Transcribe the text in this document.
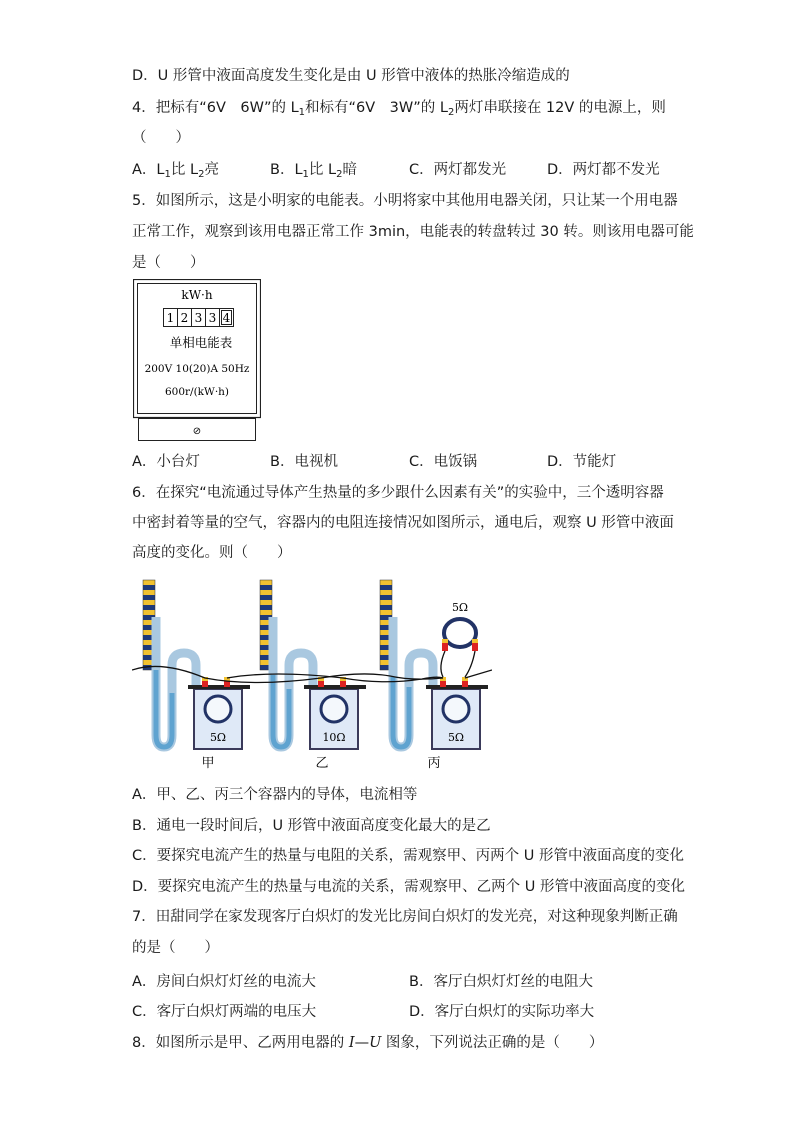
D．U 形管中液面高度发生变化是由 U 形管中液体的热胀冷缩造成的
4．把标有“6V　6W”的 $L_1$和标有“6V　3W”的 $L_2$两灯串联接在 12V 的电源上，则
（　　）
A．$L_1$比 $L_2$亮	B．$L_1$比 $L_2$暗	C．两灯都发光	D．两灯都不发光
5．如图所示，这是小明家的电能表。小明将家中其他用电器关闭，只让某一个用电器
正常工作，观察到该用电器正常工作 3min，电能表的转盘转过 30 转。则该用电器可能
是（　　）
kW·h
1 2 3 3 4
单相电能表
200V 10(20)A 50Hz
600r/(kW·h)
⊘
A．小台灯	B．电视机	C．电饭锅	D．节能灯
6．在探究“电流通过导体产生热量的多少跟什么因素有关”的实验中，三个透明容器
中密封着等量的空气，容器内的电阻连接情况如图所示，通电后，观察 U 形管中液面
高度的变化。则（　　）
5Ω
甲
10Ω
乙
5Ω
丙
5Ω
A．甲、乙、丙三个容器内的导体，电流相等
B．通电一段时间后，U 形管中液面高度变化最大的是乙
C．要探究电流产生的热量与电阻的关系，需观察甲、丙两个 U 形管中液面高度的变化
D．要探究电流产生的热量与电流的关系，需观察甲、乙两个 U 形管中液面高度的变化
7．田甜同学在家发现客厅白炽灯的发光比房间白炽灯的发光亮，对这种现象判断正确
的是（　　）
A．房间白炽灯灯丝的电流大	B．客厅白炽灯灯丝的电阻大
C．客厅白炽灯两端的电压大	D．客厅白炽灯的实际功率大
8．如图所示是甲、乙两用电器的 I—U 图象，下列说法正确的是（　　）
